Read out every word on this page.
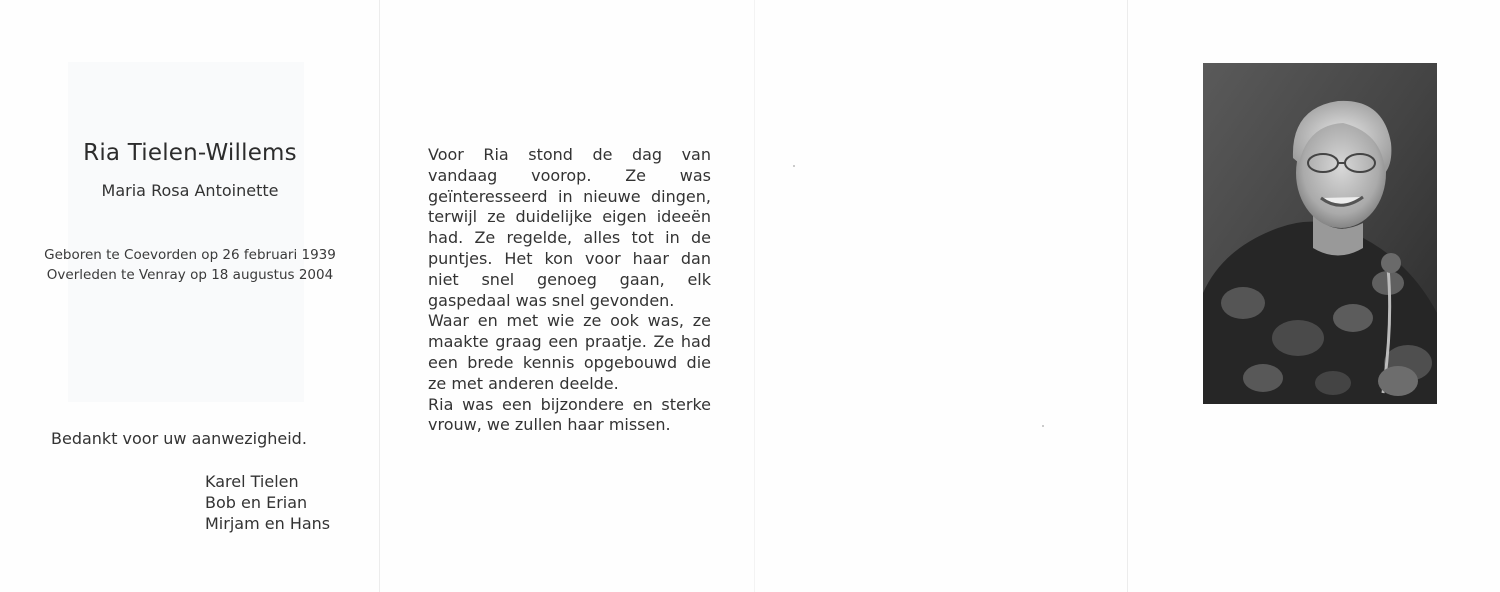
Ria Tielen-Willems
Maria Rosa Antoinette
Geboren te Coevorden op 26 februari 1939
Overleden te Venray op 18 augustus 2004
Bedankt voor uw aanwezigheid.
Karel Tielen
Bob en Erian
Mirjam en Hans

Voor Ria stond de dag van vandaag voorop. Ze was geïnteresseerd in nieuwe dingen, terwijl ze duidelijke eigen ideeën had. Ze regelde, alles tot in de puntjes. Het kon voor haar dan niet snel genoeg gaan, elk gaspedaal was snel gevonden.

Waar en met wie ze ook was, ze maakte graag een praatje. Ze had een brede kennis opgebouwd die ze met anderen deelde.

Ria was een bijzondere en sterke vrouw, we zullen haar missen.
